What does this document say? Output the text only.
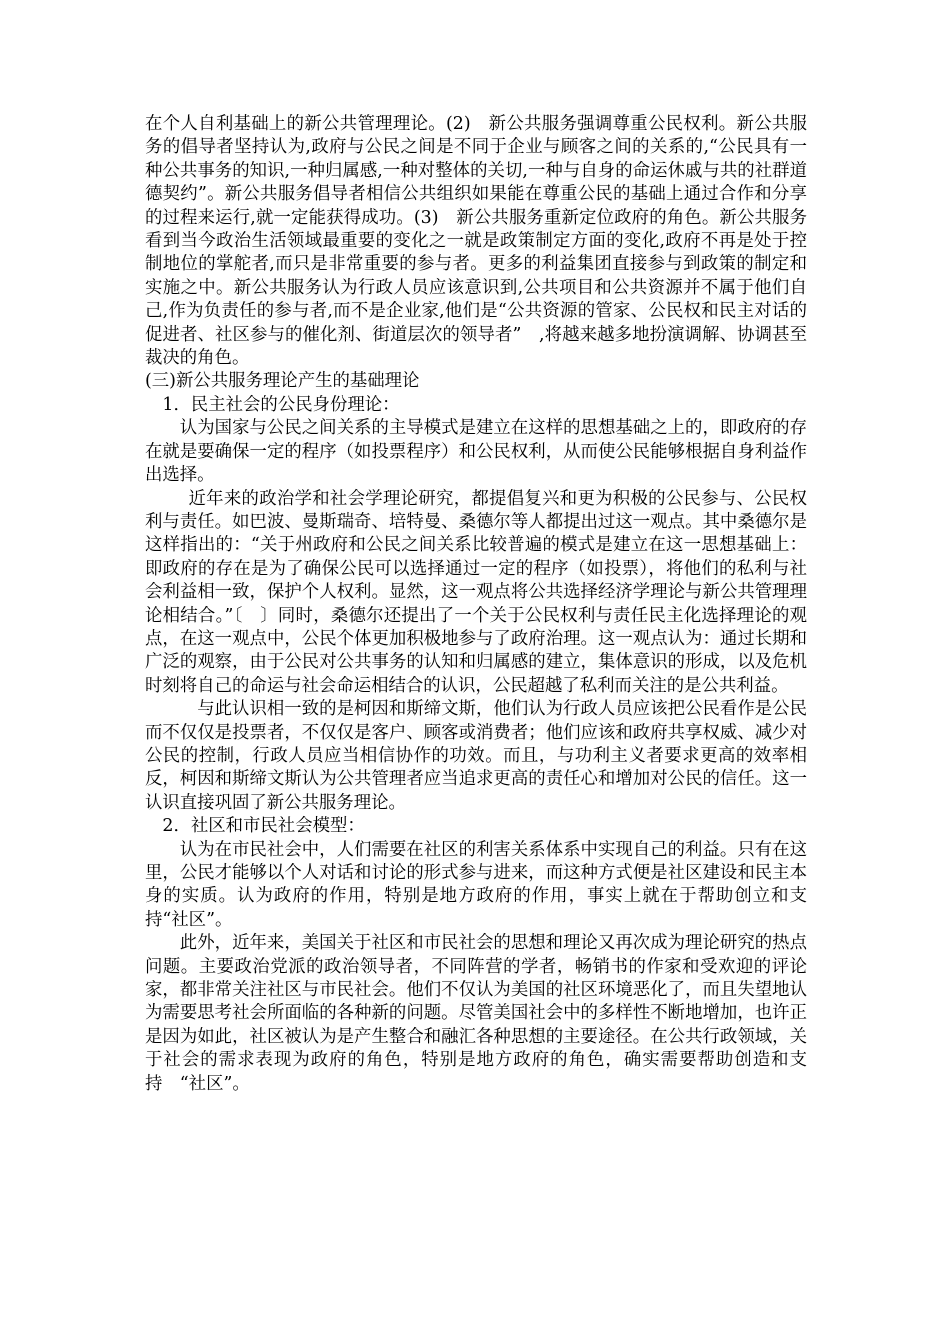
在个人自利基础上的新公共管理理论。(2)　新公共服务强调尊重公民权利。新公共服务的倡导者坚持认为,政府与公民之间是不同于企业与顾客之间的关系的,“公民具有一种公共事务的知识,一种归属感,一种对整体的关切,一种与自身的命运休戚与共的社群道德契约”。新公共服务倡导者相信公共组织如果能在尊重公民的基础上通过合作和分享的过程来运行,就一定能获得成功。(3)　新公共服务重新定位政府的角色。新公共服务看到当今政治生活领域最重要的变化之一就是政策制定方面的变化,政府不再是处于控制地位的掌舵者,而只是非常重要的参与者。更多的利益集团直接参与到政策的制定和实施之中。新公共服务认为行政人员应该意识到,公共项目和公共资源并不属于他们自己,作为负责任的参与者,而不是企业家,他们是“公共资源的管家、公民权和民主对话的促进者、社区参与的催化剂、街道层次的领导者”　,将越来越多地扮演调解、协调甚至裁决的角色。

(三)新公共服务理论产生的基础理论

1．民主社会的公民身份理论：

认为国家与公民之间关系的主导模式是建立在这样的思想基础之上的，即政府的存在就是要确保一定的程序（如投票程序）和公民权利，从而使公民能够根据自身利益作出选择。

近年来的政治学和社会学理论研究，都提倡复兴和更为积极的公民参与、公民权利与责任。如巴波、曼斯瑞奇、培特曼、桑德尔等人都提出过这一观点。其中桑德尔是这样指出的：“关于州政府和公民之间关系比较普遍的模式是建立在这一思想基础上：即政府的存在是为了确保公民可以选择通过一定的程序（如投票），将他们的私利与社会利益相一致，保护个人权利。显然，这一观点将公共选择经济学理论与新公共管理理论相结合。”〔　〕同时，桑德尔还提出了一个关于公民权利与责任民主化选择理论的观点，在这一观点中，公民个体更加积极地参与了政府治理。这一观点认为：通过长期和广泛的观察，由于公民对公共事务的认知和归属感的建立，集体意识的形成，以及危机时刻将自己的命运与社会命运相结合的认识，公民超越了私利而关注的是公共利益。

与此认识相一致的是柯因和斯缔文斯，他们认为行政人员应该把公民看作是公民而不仅仅是投票者，不仅仅是客户、顾客或消费者；他们应该和政府共享权威、减少对公民的控制，行政人员应当相信协作的功效。而且，与功利主义者要求更高的效率相反，柯因和斯缔文斯认为公共管理者应当追求更高的责任心和增加对公民的信任。这一认识直接巩固了新公共服务理论。

2．社区和市民社会模型：

认为在市民社会中，人们需要在社区的利害关系体系中实现自己的利益。只有在这里，公民才能够以个人对话和讨论的形式参与进来，而这种方式便是社区建设和民主本身的实质。认为政府的作用，特别是地方政府的作用，事实上就在于帮助创立和支持“社区”。

此外，近年来，美国关于社区和市民社会的思想和理论又再次成为理论研究的热点问题。主要政治党派的政治领导者，不同阵营的学者，畅销书的作家和受欢迎的评论家，都非常关注社区与市民社会。他们不仅认为美国的社区环境恶化了，而且失望地认为需要思考社会所面临的各种新的问题。尽管美国社会中的多样性不断地增加，也许正是因为如此，社区被认为是产生整合和融汇各种思想的主要途径。在公共行政领域，关于社会的需求表现为政府的角色，特别是地方政府的角色，确实需要帮助创造和支持　“社区”。
